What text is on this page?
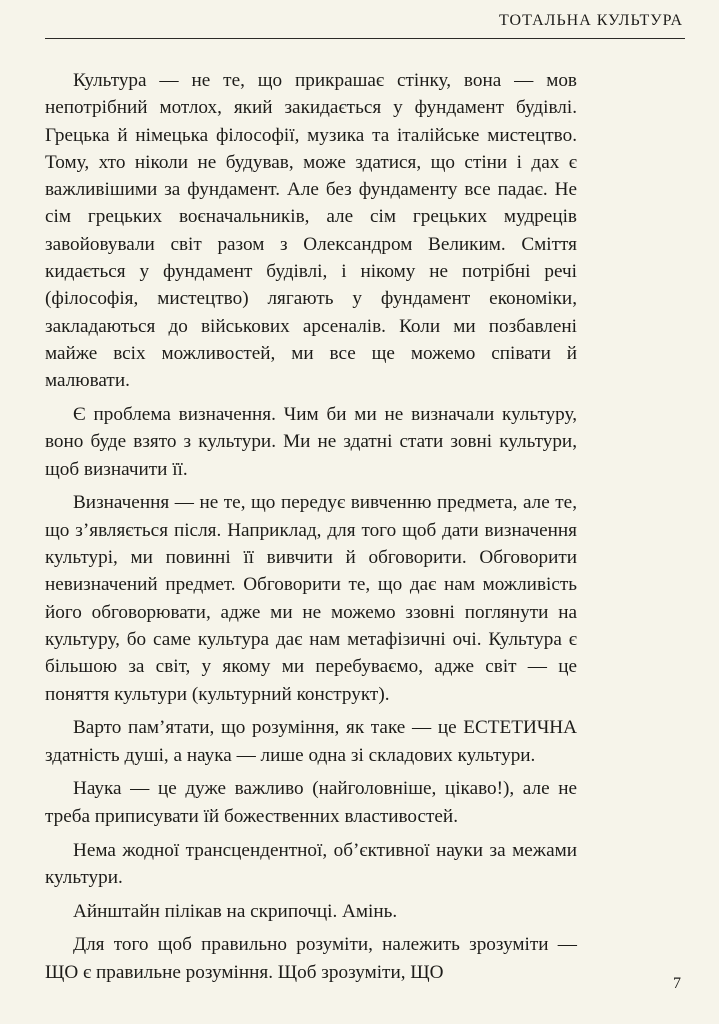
ТОТАЛЬНА КУЛЬТУРА

Культура — не те, що прикрашає стінку, вона — мов непотрібний мотлох, який закидається у фундамент будівлі. Грецька й німецька філософії, музика та італійське мистецтво. Тому, хто ніколи не будував, може здатися, що стіни і дах є важливішими за фундамент. Але без фундаменту все падає. Не сім грецьких воєначальників, але сім грецьких мудреців завойовували світ разом з Олександром Великим. Сміття кидається у фундамент будівлі, і нікому не потрібні речі (філософія, мистецтво) лягають у фундамент економіки, закладаються до військових арсеналів. Коли ми позбавлені майже всіх можливостей, ми все ще можемо співати й малювати.

Є проблема визначення. Чим би ми не визначали культуру, воно буде взято з культури. Ми не здатні стати зовні культури, щоб визначити її.

Визначення — не те, що передує вивченню предмета, але те, що з’являється після. Наприклад, для того щоб дати визначення культурі, ми повинні її вивчити й обговорити. Обговорити невизначений предмет. Обговорити те, що дає нам можливість його обговорювати, адже ми не можемо ззовні поглянути на культуру, бо саме культура дає нам метафізичні очі. Культура є більшою за світ, у якому ми перебуваємо, адже світ — це поняття культури (культурний конструкт).

Варто пам’ятати, що розуміння, як таке — це ЕСТЕТИЧНА здатність душі, а наука — лише одна зі складових культури.

Наука — це дуже важливо (найголовніше, цікаво!), але не треба приписувати їй божественних властивостей.

Нема жодної трансцендентної, об’єктивної науки за межами культури.

Айнштайн пілікав на скрипочці. Амінь.

Для того щоб правильно розуміти, належить зрозуміти — ЩО є правильне розуміння. Щоб зрозуміти, ЩО

7
